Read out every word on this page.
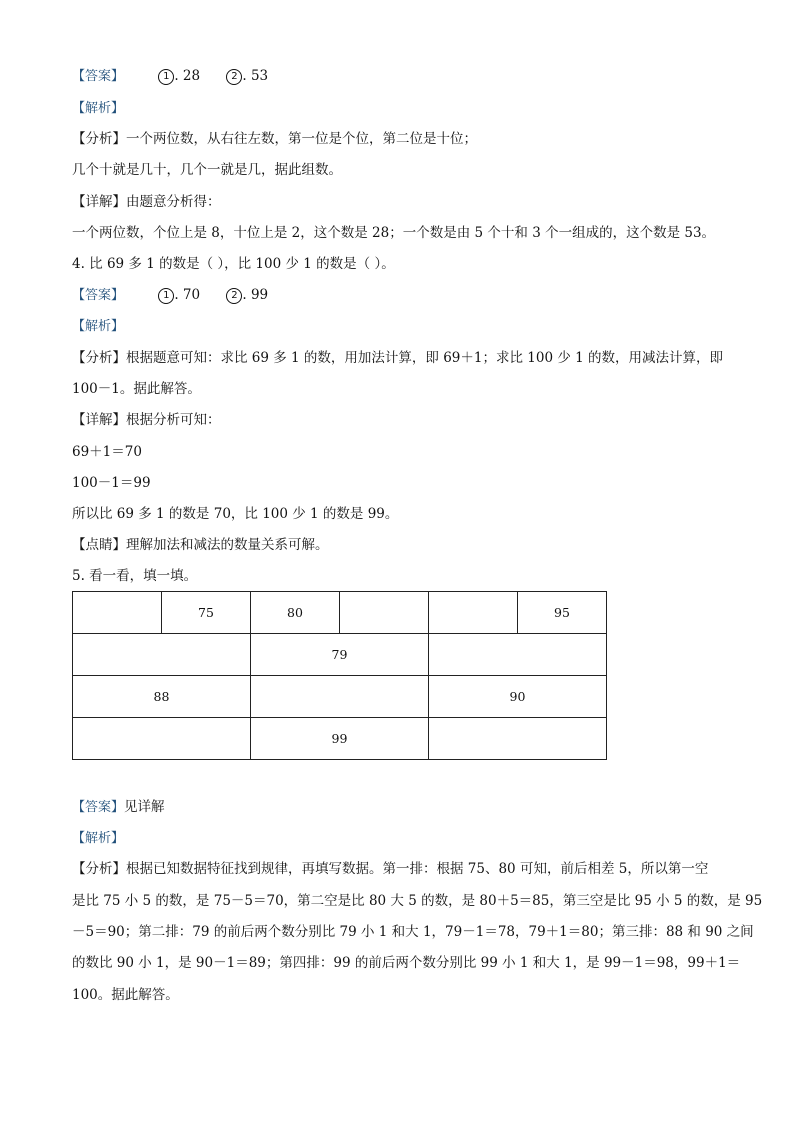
【答案】	1 . 28	2 . 53
【解析】
【分析】一个两位数，从右往左数，第一位是个位，第二位是十位；
几个十就是几十，几个一就是几，据此组数。
【详解】由题意分析得：
一个两位数，个位上是 8，十位上是 2，这个数是 28；一个数是由 5 个十和 3 个一组成的，这个数是 53。
4. 比 69 多 1 的数是（ ），比 100 少 1 的数是（ ）。
【答案】	1 . 70	2 . 99
【解析】
【分析】根据题意可知：求比 69 多 1 的数，用加法计算，即 69＋1；求比 100 少 1 的数，用减法计算，即
100－1。据此解答。
【详解】根据分析可知：
69＋1＝70
100－1＝99
所以比 69 多 1 的数是 70，比 100 少 1 的数是 99。
【点睛】理解加法和减法的数量关系可解。
5. 看一看，填一填。
	75	80			95
		79			
88				90	
		99			
【答案】见详解
【解析】
【分析】根据已知数据特征找到规律，再填写数据。第一排：根据 75、80 可知，前后相差 5，所以第一空
是比 75 小 5 的数，是 75－5＝70，第二空是比 80 大 5 的数，是 80＋5＝85，第三空是比 95 小 5 的数，是 95
－5＝90；第二排：79 的前后两个数分别比 79 小 1 和大 1，79－1＝78，79＋1＝80；第三排：88 和 90 之间
的数比 90 小 1，是 90－1＝89；第四排：99 的前后两个数分别比 99 小 1 和大 1，是 99－1＝98，99＋1＝
100。据此解答。
